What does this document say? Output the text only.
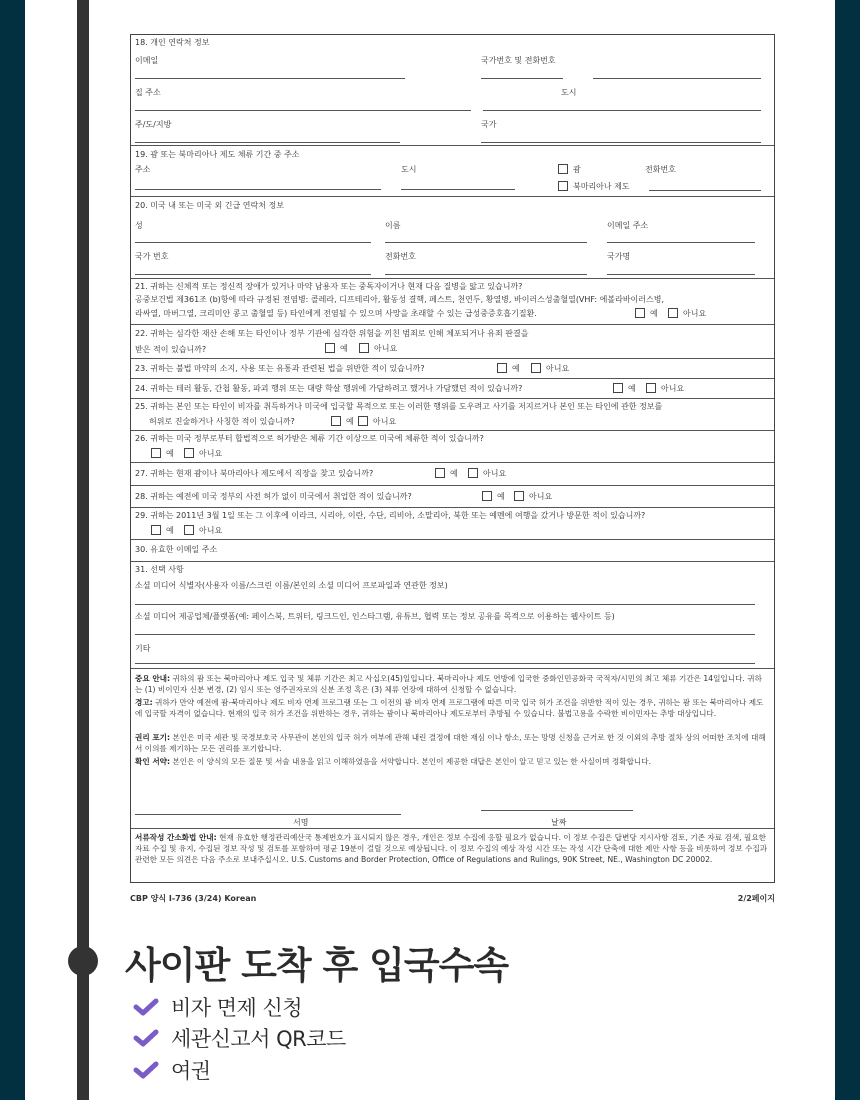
18. 개인 연락처 정보
이메일	국가번호 및 전화번호
집 주소	도시
주/도/지방	국가
19. 괌 또는 북마리아나 제도 체류 기간 중 주소
주소	도시	괌	전화번호
북마리아나 제도
20. 미국 내 또는 미국 외 긴급 연락처 정보
성	이름	이메일 주소
국가 번호	전화번호	국가명
21. 귀하는 신체적 또는 정신적 장애가 있거나 마약 남용자 또는 중독자이거나 현재 다음 질병을 앓고 있습니까?
공중보건법 제361조 (b)항에 따라 규정된 전염병: 콜레라, 디프테리아, 활동성 결핵, 페스트, 천연두, 황열병, 바이러스성출혈열(VHF: 에볼라바이러스병,
라싸열, 마버그열, 크리미안 콩고 출혈열 등) 타인에게 전염될 수 있으며 사망을 초래할 수 있는 급성중증호흡기질환.	예	아니요
22. 귀하는 심각한 재산 손해 또는 타인이나 정부 기관에 심각한 위험을 끼친 범죄로 인해 체포되거나 유죄 판결을
받은 적이 있습니까?	예	아니요
23. 귀하는 불법 마약의 소지, 사용 또는 유통과 관련된 법을 위반한 적이 있습니까?	예	아니요
24. 귀하는 테러 활동, 간첩 활동, 파괴 행위 또는 대량 학살 행위에 가담하려고 했거나 가담했던 적이 있습니까?	예	아니요
25. 귀하는 본인 또는 타인이 비자를 취득하거나 미국에 입국할 목적으로 또는 이러한 행위를 도우려고 사기를 저지르거나 본인 또는 타인에 관한 정보를
허위로 진술하거나 사칭한 적이 있습니까?	예 아니요
26. 귀하는 미국 정부로부터 합법적으로 허가받은 체류 기간 이상으로 미국에 체류한 적이 있습니까?
예	아니요
27. 귀하는 현재 괌이나 북마리아나 제도에서 직장을 찾고 있습니까?	예	아니요
28. 귀하는 예전에 미국 정부의 사전 허가 없이 미국에서 취업한 적이 있습니까?	예	아니요
29. 귀하는 2011년 3월 1일 또는 그 이후에 이라크, 시리아, 이란, 수단, 리비아, 소말리아, 북한 또는 예멘에 여행을 갔거나 방문한 적이 있습니까?
예	아니요
30. 유효한 이메일 주소
31. 선택 사항
소셜 미디어 식별자(사용자 이름/스크린 이름/본인의 소셜 미디어 프로파일과 연관한 정보)
소셜 미디어 제공업체/플랫폼(예: 페이스북, 트위터, 링크드인, 인스타그램, 유튜브, 협력 또는 정보 공유를 목적으로 이용하는 웹사이트 등)
기타
중요 안내: 귀하의 괌 또는 북마리아나 제도 입국 및 체류 기간은 최고 사십오(45)일입니다. 북마리아나 제도 연방에 입국한 중화인민공화국 국적자/시민의 최고 체류 기간은 14일입니다. 귀하는 (1) 비이민자 신분 변경, (2) 임시 또는 영주권자로의 신분 조정 혹은 (3) 체류 연장에 대하여 신청할 수 없습니다.
경고: 귀하가 만약 예전에 괌-북마리아나 제도 비자 면제 프로그램 또는 그 이전의 괌 비자 면제 프로그램에 따른 미국 입국 허가 조건을 위반한 적이 있는 경우, 귀하는 괌 또는 북마리아나 제도에 입국할 자격이 없습니다. 현재의 입국 허가 조건을 위반하는 경우, 귀하는 괌이나 북마리아나 제도로부터 추방될 수 있습니다. 불법고용을 수락한 비이민자는 추방 대상입니다.
권리 포기: 본인은 미국 세관 및 국경보호국 사무관이 본인의 입국 허가 여부에 관해 내린 결정에 대한 재심 이나 항소, 또는 망명 신청을 근거로 한 것 이외의 추방 절차 상의 어떠한 조치에 대해서 이의를 제기하는 모든 권리를 포기합니다.
확인 서약: 본인은 이 양식의 모든 질문 및 서술 내용을 읽고 이해하였음을 서약합니다. 본인이 제공한 대답은 본인이 알고 믿고 있는 한 사실이며 정확합니다.
서명	날짜
서류작성 간소화법 안내: 현재 유효한 행정관리예산국 통제번호가 표시되지 않은 경우, 개인은 정보 수집에 응할 필요가 없습니다. 이 정보 수집은 답변당 지시사항 검토, 기존 자료 검색, 필요한 자료 수집 및 유지, 수집된 정보 작성 및 검토를 포함하여 평균 19분이 걸릴 것으로 예상됩니다. 이 정보 수집의 예상 작성 시간 또는 작성 시간 단축에 대한 제안 사항 등을 비롯하여 정보 수집과 관련한 모든 의견은 다음 주소로 보내주십시오. U.S. Customs and Border Protection, Office of Regulations and Rulings, 90K Street, NE., Washington DC 20002.
CBP 양식 I-736 (3/24) Korean	2/2페이지
사이판 도착 후 입국수속
비자 면제 신청
세관신고서 QR코드
여권
